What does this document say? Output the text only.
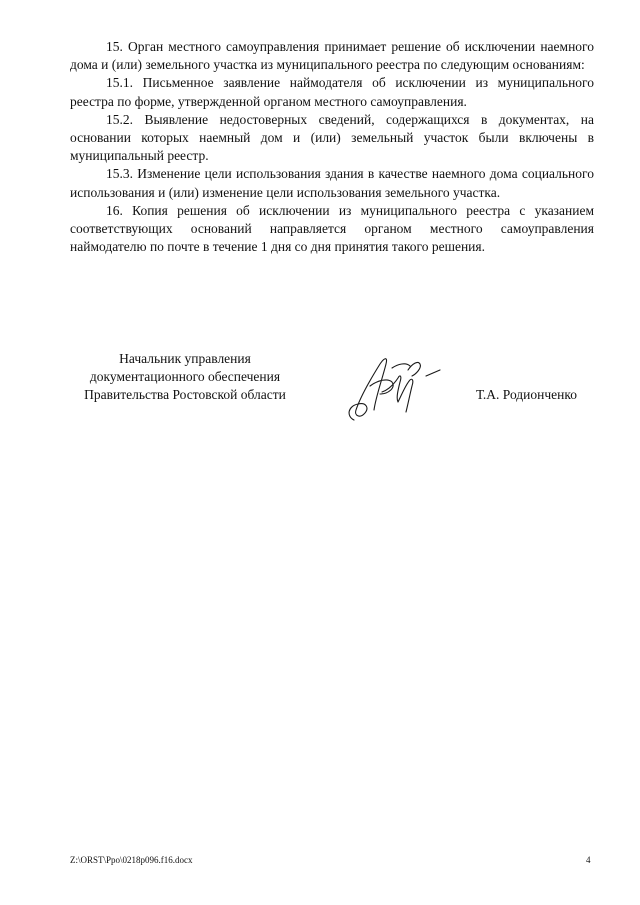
15. Орган местного самоуправления принимает решение об исключении наемного дома и (или) земельного участка из муниципального реестра по следующим основаниям:

15.1. Письменное заявление наймодателя об исключении из муниципального реестра по форме, утвержденной органом местного самоуправления.

15.2. Выявление недостоверных сведений, содержащихся в документах, на основании которых наемный дом и (или) земельный участок были включены в муниципальный реестр.

15.3. Изменение цели использования здания в качестве наемного дома социального использования и (или) изменение цели использования земельного участка.

16. Копия решения об исключении из муниципального реестра с указанием соответствующих оснований направляется органом местного самоуправления наймодателю по почте в течение 1 дня со дня принятия такого решения.

Начальник управления
документационного обеспечения
Правительства Ростовской области	Т.А. Родионченко
Z:\ORST\Ppo\0218p096.f16.docx	4
